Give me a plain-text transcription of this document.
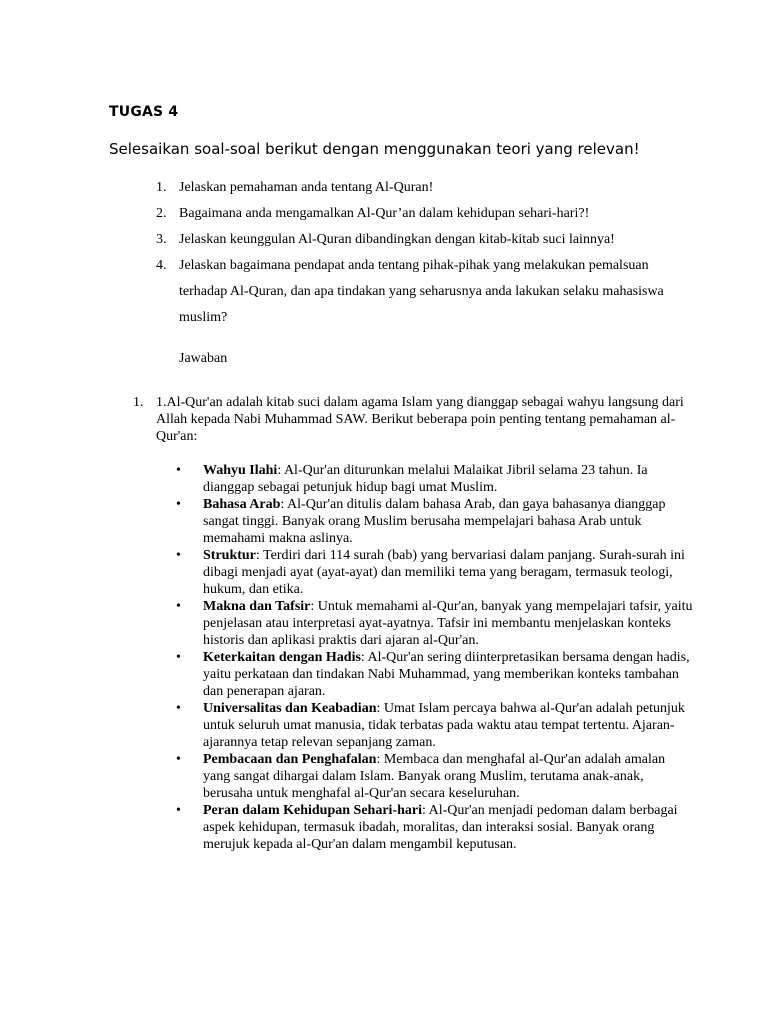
TUGAS 4
Selesaikan soal-soal berikut dengan menggunakan teori yang relevan!
1. Jelaskan pemahaman anda tentang Al-Quran!
2. Bagaimana anda mengamalkan Al-Qur’an dalam kehidupan sehari-hari?!
3. Jelaskan keunggulan Al-Quran dibandingkan dengan kitab-kitab suci lainnya!
4. Jelaskan bagaimana pendapat anda tentang pihak-pihak yang melakukan pemalsuan terhadap Al-Quran, dan apa tindakan yang seharusnya anda lakukan selaku mahasiswa muslim?
Jawaban
1. 1.Al-Qur'an adalah kitab suci dalam agama Islam yang dianggap sebagai wahyu langsung dari Allah kepada Nabi Muhammad SAW. Berikut beberapa poin penting tentang pemahaman al-Qur'an:
• Wahyu Ilahi: Al-Qur'an diturunkan melalui Malaikat Jibril selama 23 tahun. Ia dianggap sebagai petunjuk hidup bagi umat Muslim.
• Bahasa Arab: Al-Qur'an ditulis dalam bahasa Arab, dan gaya bahasanya dianggap sangat tinggi. Banyak orang Muslim berusaha mempelajari bahasa Arab untuk memahami makna aslinya.
• Struktur: Terdiri dari 114 surah (bab) yang bervariasi dalam panjang. Surah-surah ini dibagi menjadi ayat (ayat-ayat) dan memiliki tema yang beragam, termasuk teologi, hukum, dan etika.
• Makna dan Tafsir: Untuk memahami al-Qur'an, banyak yang mempelajari tafsir, yaitu penjelasan atau interpretasi ayat-ayatnya. Tafsir ini membantu menjelaskan konteks historis dan aplikasi praktis dari ajaran al-Qur'an.
• Keterkaitan dengan Hadis: Al-Qur'an sering diinterpretasikan bersama dengan hadis, yaitu perkataan dan tindakan Nabi Muhammad, yang memberikan konteks tambahan dan penerapan ajaran.
• Universalitas dan Keabadian: Umat Islam percaya bahwa al-Qur'an adalah petunjuk untuk seluruh umat manusia, tidak terbatas pada waktu atau tempat tertentu. Ajaran-ajarannya tetap relevan sepanjang zaman.
• Pembacaan dan Penghafalan: Membaca dan menghafal al-Qur'an adalah amalan yang sangat dihargai dalam Islam. Banyak orang Muslim, terutama anak-anak, berusaha untuk menghafal al-Qur'an secara keseluruhan.
• Peran dalam Kehidupan Sehari-hari: Al-Qur'an menjadi pedoman dalam berbagai aspek kehidupan, termasuk ibadah, moralitas, dan interaksi sosial. Banyak orang merujuk kepada al-Qur'an dalam mengambil keputusan.
